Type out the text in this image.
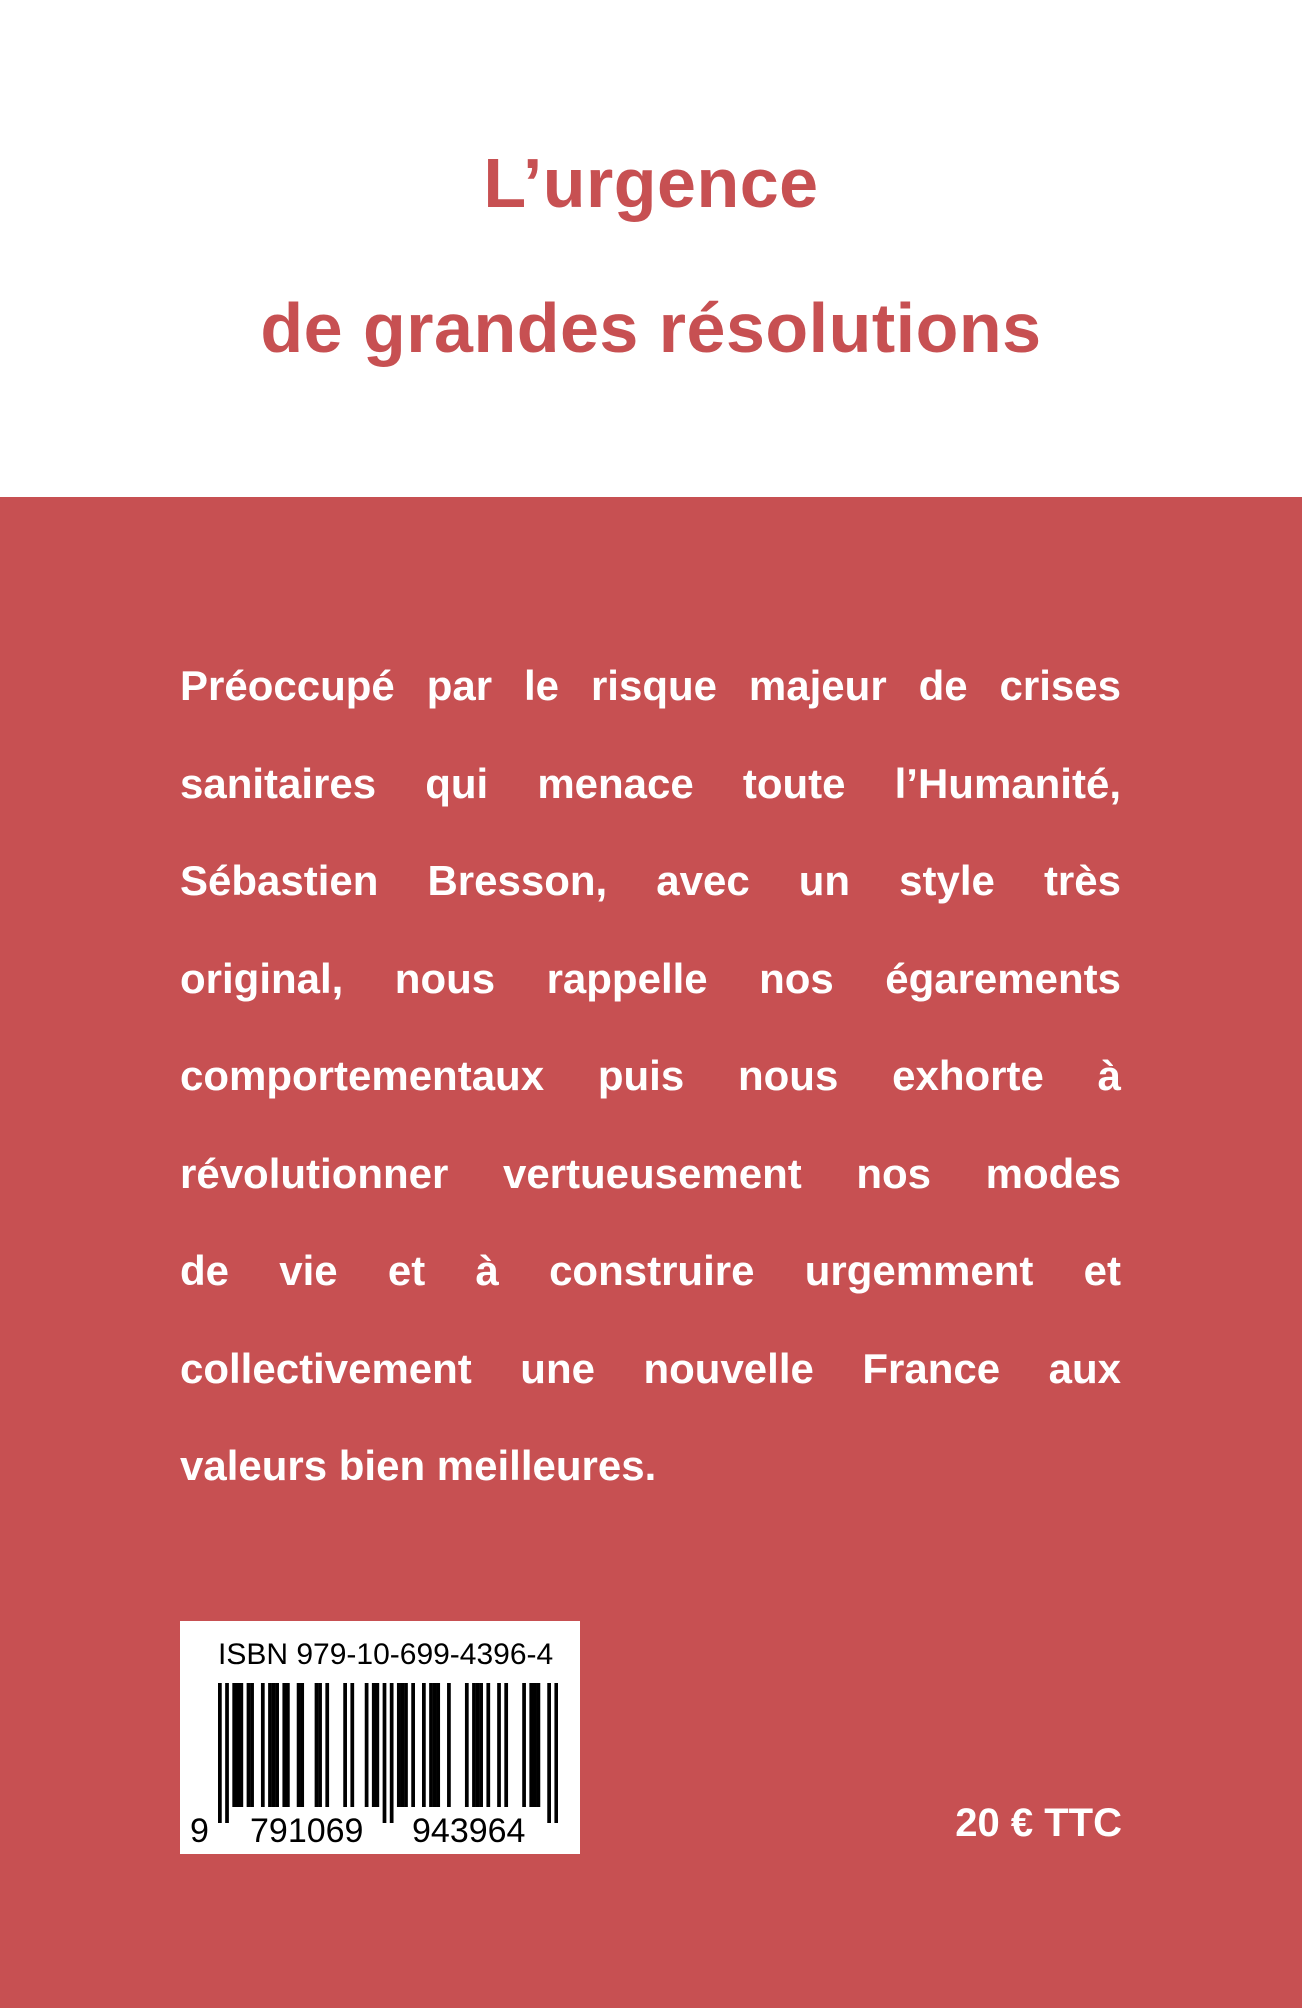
L’urgence
de grandes résolutions
Préoccupé par le risque majeur de crises
sanitaires qui menace toute l’Humanité,
Sébastien Bresson, avec un style très
original, nous rappelle nos égarements
comportementaux puis nous exhorte à
révolutionner vertueusement nos modes
de vie et à construire urgemment et
collectivement une nouvelle France aux
valeurs bien meilleures.

ISBN 979-10-699-4396-4

9 791069 943964	20 € TTC
